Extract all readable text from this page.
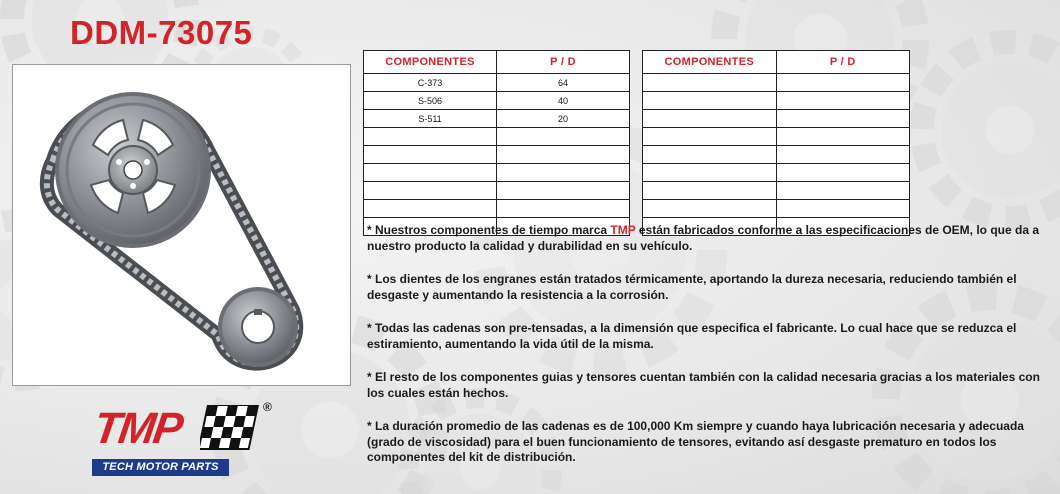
DDM-73075
COMPONENTES	P / D
C-373	64
S-506	40
S-511	20

COMPONENTES	P / D

* Nuestros componentes de tiempo marca TMP están fabricados conforme a las especificaciones de OEM, lo que da a nuestro producto la calidad y durabilidad en su vehículo.

* Los dientes de los engranes están tratados térmicamente, aportando la dureza necesaria, reduciendo también el desgaste y aumentando la resistencia a la corrosión.

* Todas las cadenas son pre-tensadas, a la dimensión que especifica el fabricante. Lo cual hace que se reduzca el estiramiento, aumentando la vida útil de la misma.

* El resto de los componentes guias y tensores cuentan también con la calidad necesaria gracias a los materiales con los cuales están hechos.

* La duración promedio de las cadenas es de 100,000 Km siempre y cuando haya lubricación necesaria y adecuada (grado de viscosidad) para el buen funcionamiento de tensores, evitando así desgaste prematuro en todos los componentes del kit de distribución.

TMP	®
TECH MOTOR PARTS
